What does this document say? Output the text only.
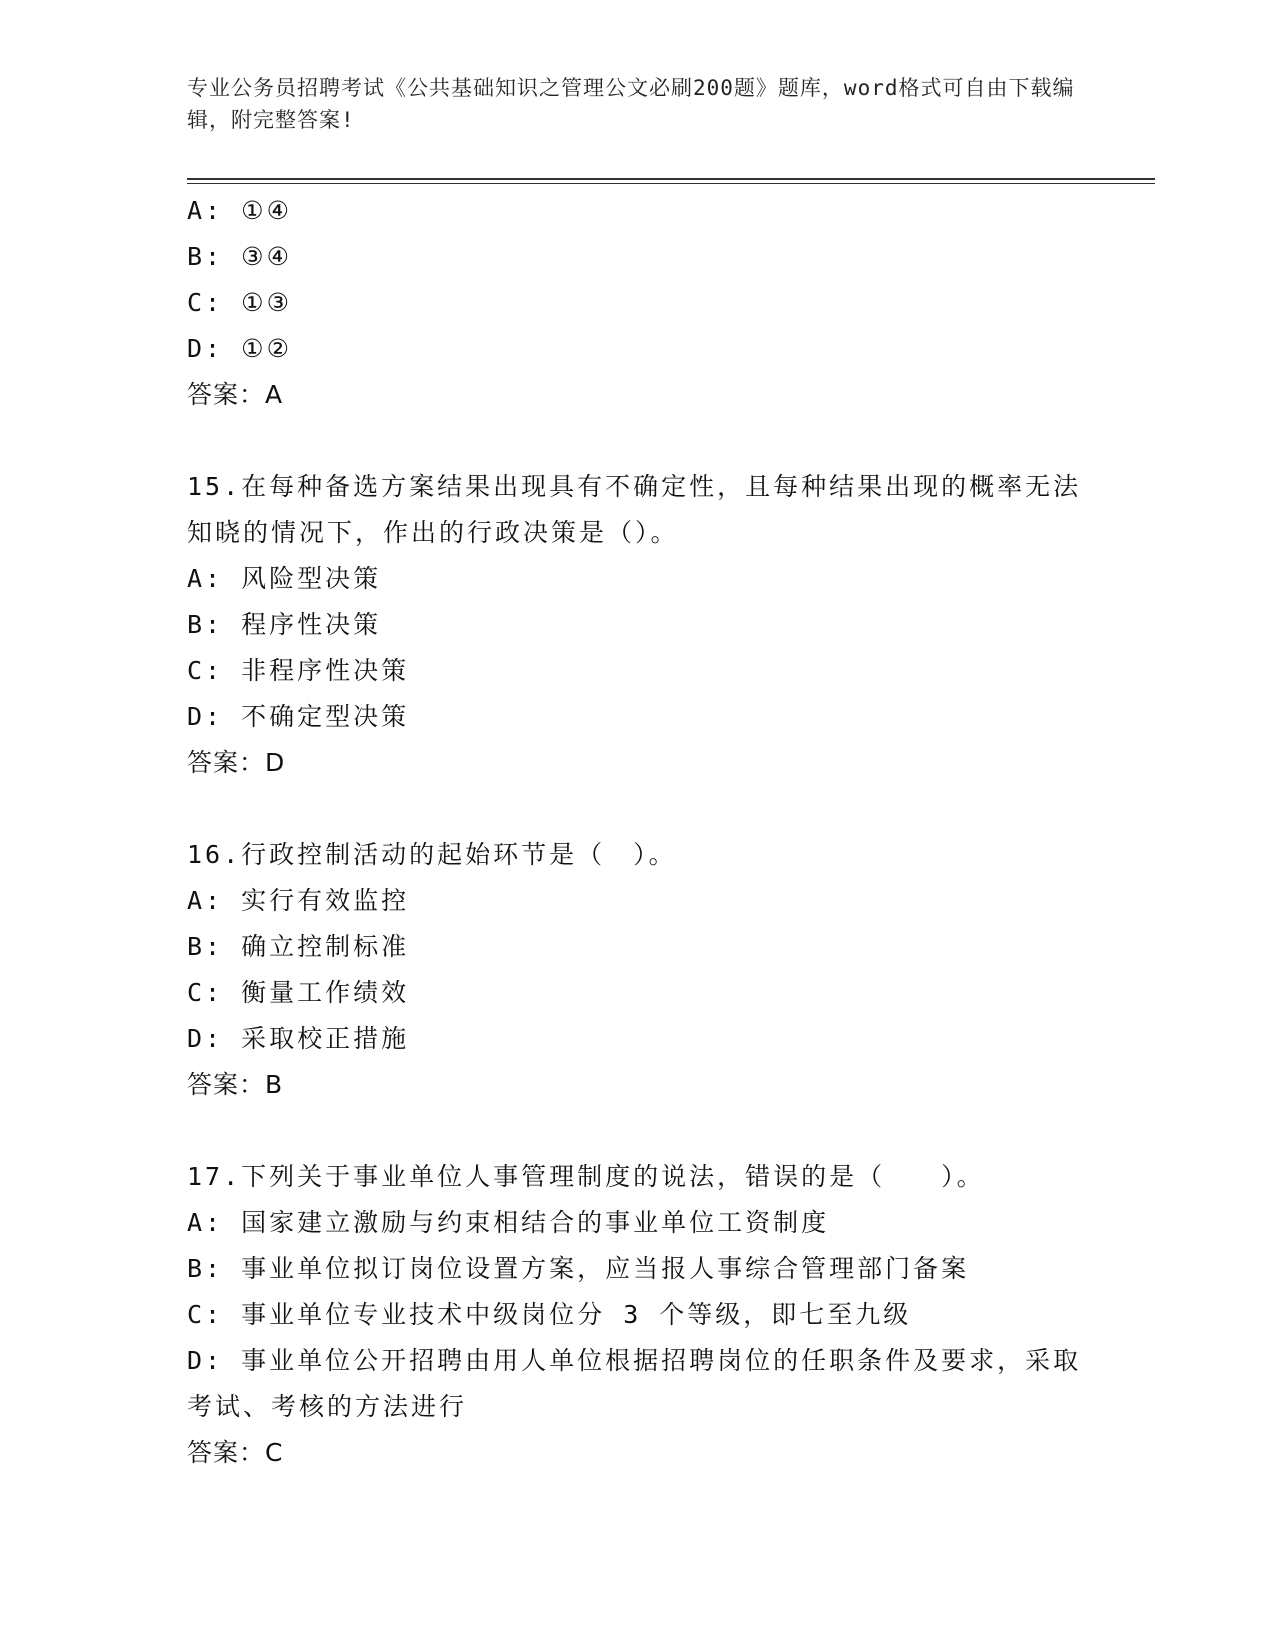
专业公务员招聘考试《公共基础知识之管理公文必刷200题》题库，word格式可自由下载编辑，附完整答案!
A: ①④
B: ③④
C: ①③
D: ①②
答案：A
15.在每种备选方案结果出现具有不确定性，且每种结果出现的概率无法知晓的情况下，作出的行政决策是（）。
A: 风险型决策
B: 程序性决策
C: 非程序性决策
D: 不确定型决策
答案：D
16.行政控制活动的起始环节是（　）。
A: 实行有效监控
B: 确立控制标准
C: 衡量工作绩效
D: 采取校正措施
答案：B
17.下列关于事业单位人事管理制度的说法，错误的是（　　）。
A: 国家建立激励与约束相结合的事业单位工资制度
B: 事业单位拟订岗位设置方案，应当报人事综合管理部门备案
C: 事业单位专业技术中级岗位分 3 个等级，即七至九级
D: 事业单位公开招聘由用人单位根据招聘岗位的任职条件及要求，采取考试、考核的方法进行
答案：C
